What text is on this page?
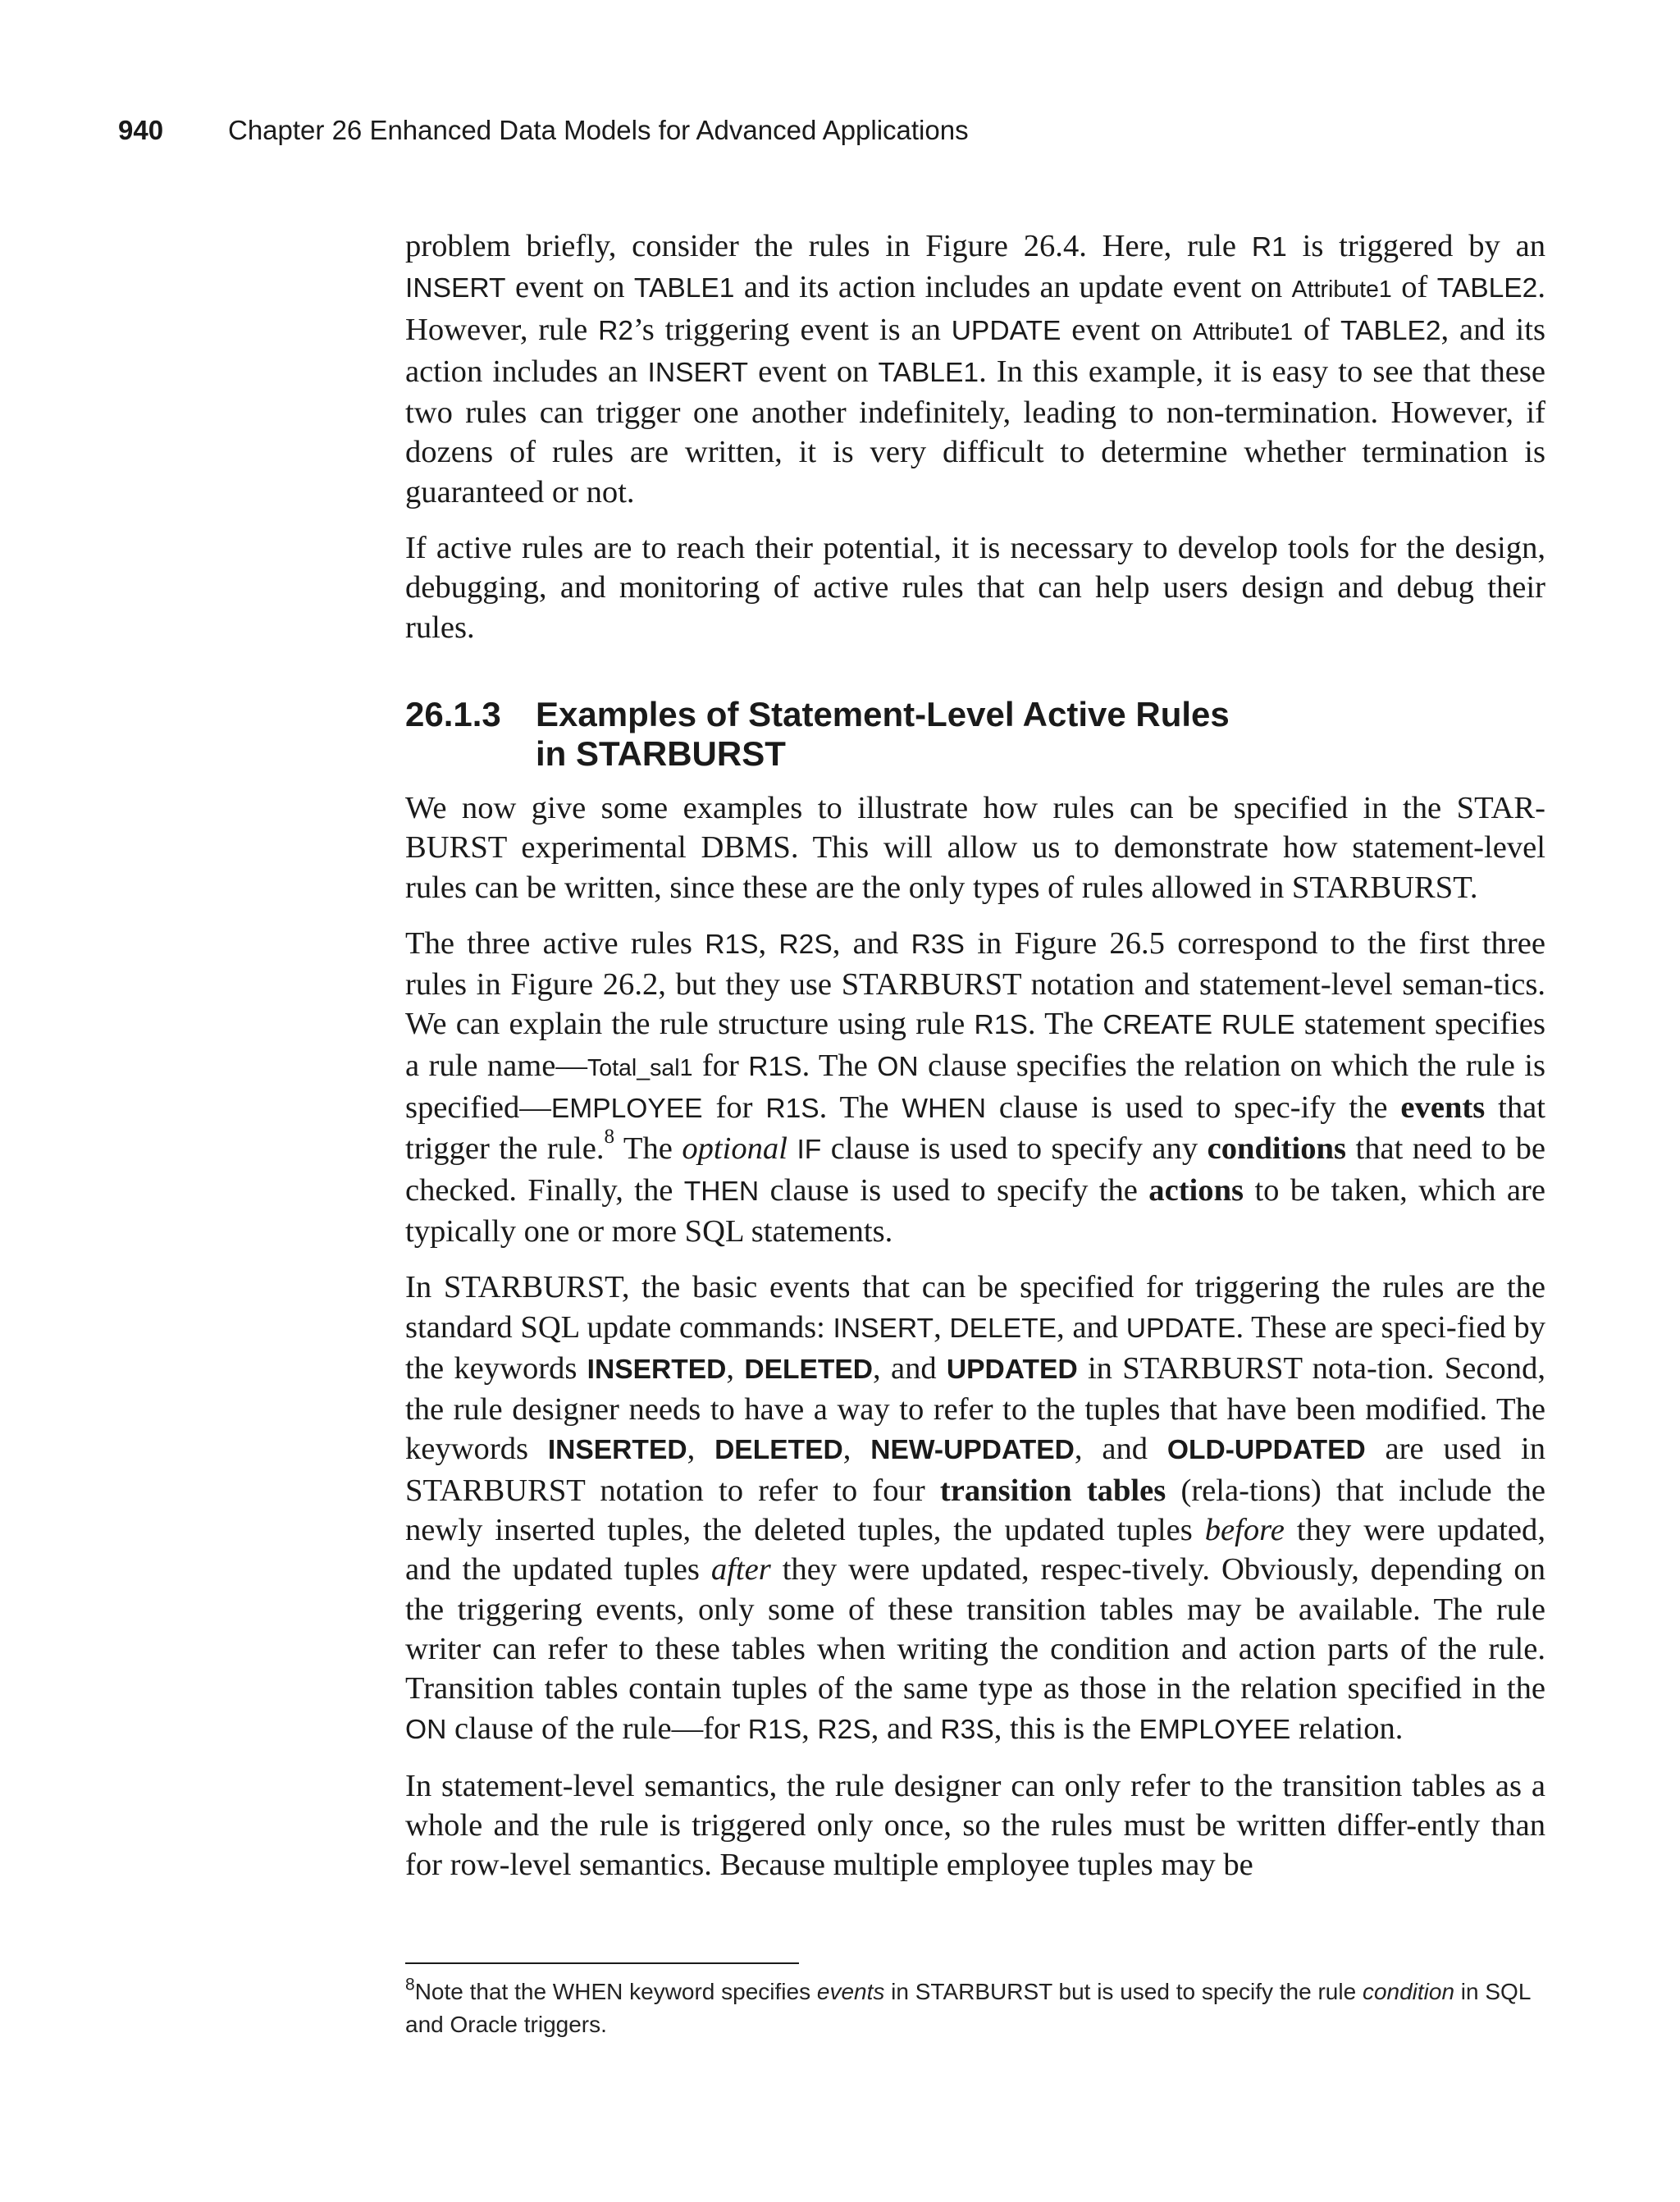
940	Chapter 26 Enhanced Data Models for Advanced Applications

problem briefly, consider the rules in Figure 26.4. Here, rule R1 is triggered by an INSERT event on TABLE1 and its action includes an update event on Attribute1 of TABLE2. However, rule R2’s triggering event is an UPDATE event on Attribute1 of TABLE2, and its action includes an INSERT event on TABLE1. In this example, it is easy to see that these two rules can trigger one another indefinitely, leading to non-termination. However, if dozens of rules are written, it is very difficult to determine whether termination is guaranteed or not.

If active rules are to reach their potential, it is necessary to develop tools for the design, debugging, and monitoring of active rules that can help users design and debug their rules.

26.1.3	Examples of Statement-Level Active Rules
in STARBURST

We now give some examples to illustrate how rules can be specified in the STAR-BURST experimental DBMS. This will allow us to demonstrate how statement-level rules can be written, since these are the only types of rules allowed in STARBURST.

The three active rules R1S, R2S, and R3S in Figure 26.5 correspond to the first three rules in Figure 26.2, but they use STARBURST notation and statement-level seman-tics. We can explain the rule structure using rule R1S. The CREATE RULE statement specifies a rule name—Total_sal1 for R1S. The ON clause specifies the relation on which the rule is specified—EMPLOYEE for R1S. The WHEN clause is used to spec-ify the events that trigger the rule.$^8$ The optional IF clause is used to specify any conditions that need to be checked. Finally, the THEN clause is used to specify the actions to be taken, which are typically one or more SQL statements.

In STARBURST, the basic events that can be specified for triggering the rules are the standard SQL update commands: INSERT, DELETE, and UPDATE. These are speci-fied by the keywords INSERTED, DELETED, and UPDATED in STARBURST nota-tion. Second, the rule designer needs to have a way to refer to the tuples that have been modified. The keywords INSERTED, DELETED, NEW-UPDATED, and OLD-UPDATED are used in STARBURST notation to refer to four transition tables (rela-tions) that include the newly inserted tuples, the deleted tuples, the updated tuples before they were updated, and the updated tuples after they were updated, respec-tively. Obviously, depending on the triggering events, only some of these transition tables may be available. The rule writer can refer to these tables when writing the condition and action parts of the rule. Transition tables contain tuples of the same type as those in the relation specified in the ON clause of the rule—for R1S, R2S, and R3S, this is the EMPLOYEE relation.

In statement-level semantics, the rule designer can only refer to the transition tables as a whole and the rule is triggered only once, so the rules must be written differ-ently than for row-level semantics. Because multiple employee tuples may be

$^8$Note that the WHEN keyword specifies events in STARBURST but is used to specify the rule condition in SQL and Oracle triggers.
